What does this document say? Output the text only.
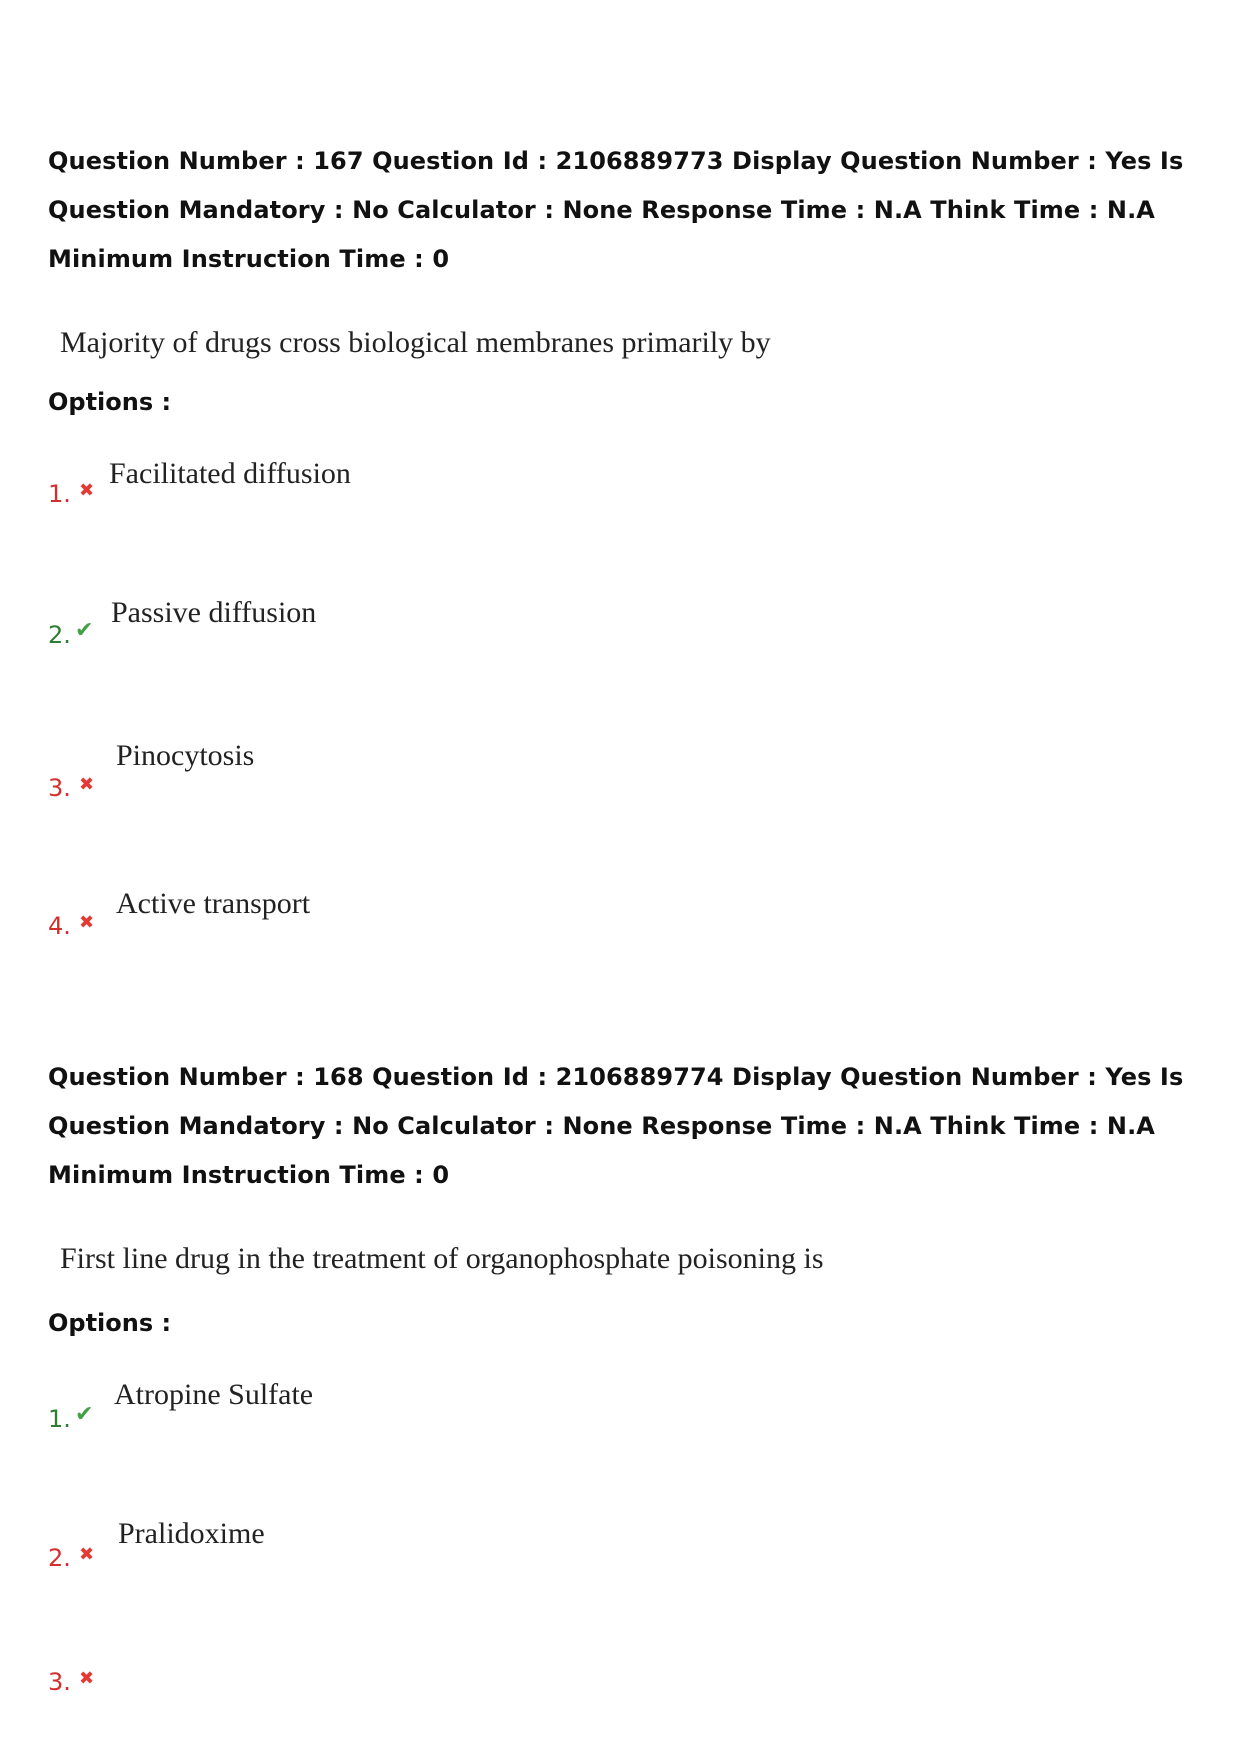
Question Number : 167 Question Id : 2106889773 Display Question Number : Yes Is Question Mandatory : No Calculator : None Response Time : N.A Think Time : N.A Minimum Instruction Time : 0
Majority of drugs cross biological membranes primarily by
Options :
1. ✖
Facilitated diffusion
2. ✔
Passive diffusion
3. ✖
Pinocytosis
4. ✖
Active transport
Question Number : 168 Question Id : 2106889774 Display Question Number : Yes Is Question Mandatory : No Calculator : None Response Time : N.A Think Time : N.A Minimum Instruction Time : 0
First line drug in the treatment of organophosphate poisoning is
Options :
1. ✔
Atropine Sulfate
2. ✖
Pralidoxime
3. ✖
